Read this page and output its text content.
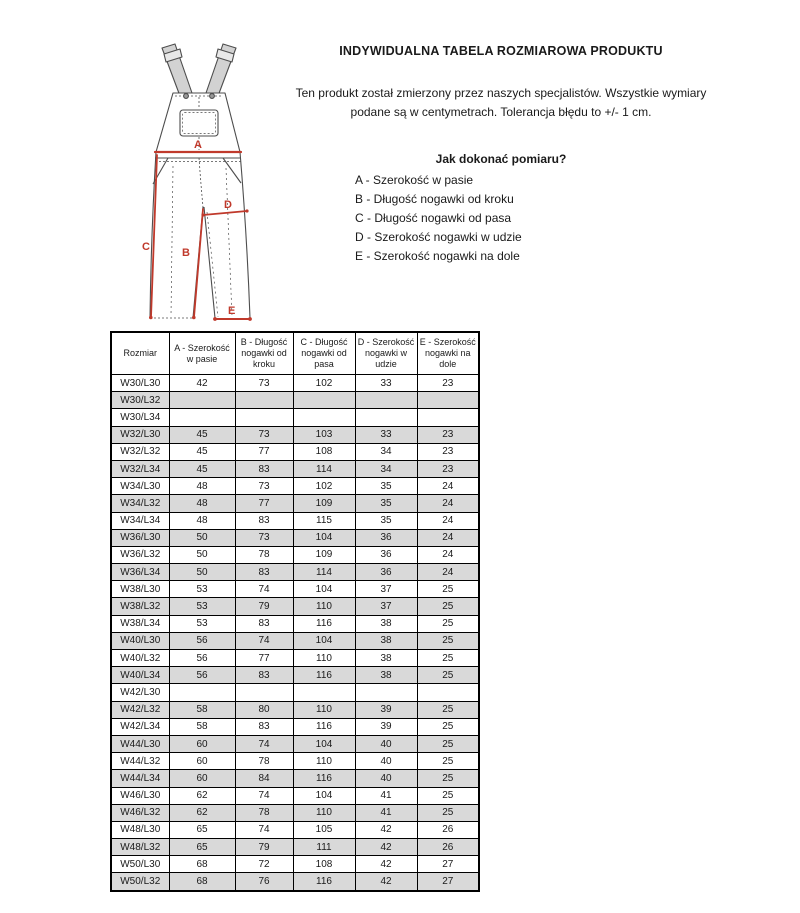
A
B
C
D
E
INDYWIDUALNA TABELA ROZMIAROWA PRODUKTU
Ten produkt został zmierzony przez naszych specjalistów. Wszystkie wymiary podane są w centymetrach. Tolerancja błędu to +/- 1 cm.
Jak dokonać pomiaru?
A - Szerokość w pasie
B - Długość nogawki od kroku
C - Długość nogawki od pasa
D - Szerokość nogawki w udzie
E - Szerokość nogawki na dole
Rozmiar	A - Szerokość w pasie	B - Długość nogawki od kroku	C - Długość nogawki od pasa	D - Szerokość nogawki w udzie	E - Szerokość nogawki na dole
W30/L30	42	73	102	33	23
W30/L32					
W30/L34					
W32/L30	45	73	103	33	23
W32/L32	45	77	108	34	23
W32/L34	45	83	114	34	23
W34/L30	48	73	102	35	24
W34/L32	48	77	109	35	24
W34/L34	48	83	115	35	24
W36/L30	50	73	104	36	24
W36/L32	50	78	109	36	24
W36/L34	50	83	114	36	24
W38/L30	53	74	104	37	25
W38/L32	53	79	110	37	25
W38/L34	53	83	116	38	25
W40/L30	56	74	104	38	25
W40/L32	56	77	110	38	25
W40/L34	56	83	116	38	25
W42/L30					
W42/L32	58	80	110	39	25
W42/L34	58	83	116	39	25
W44/L30	60	74	104	40	25
W44/L32	60	78	110	40	25
W44/L34	60	84	116	40	25
W46/L30	62	74	104	41	25
W46/L32	62	78	110	41	25
W48/L30	65	74	105	42	26
W48/L32	65	79	111	42	26
W50/L30	68	72	108	42	27
W50/L32	68	76	116	42	27
